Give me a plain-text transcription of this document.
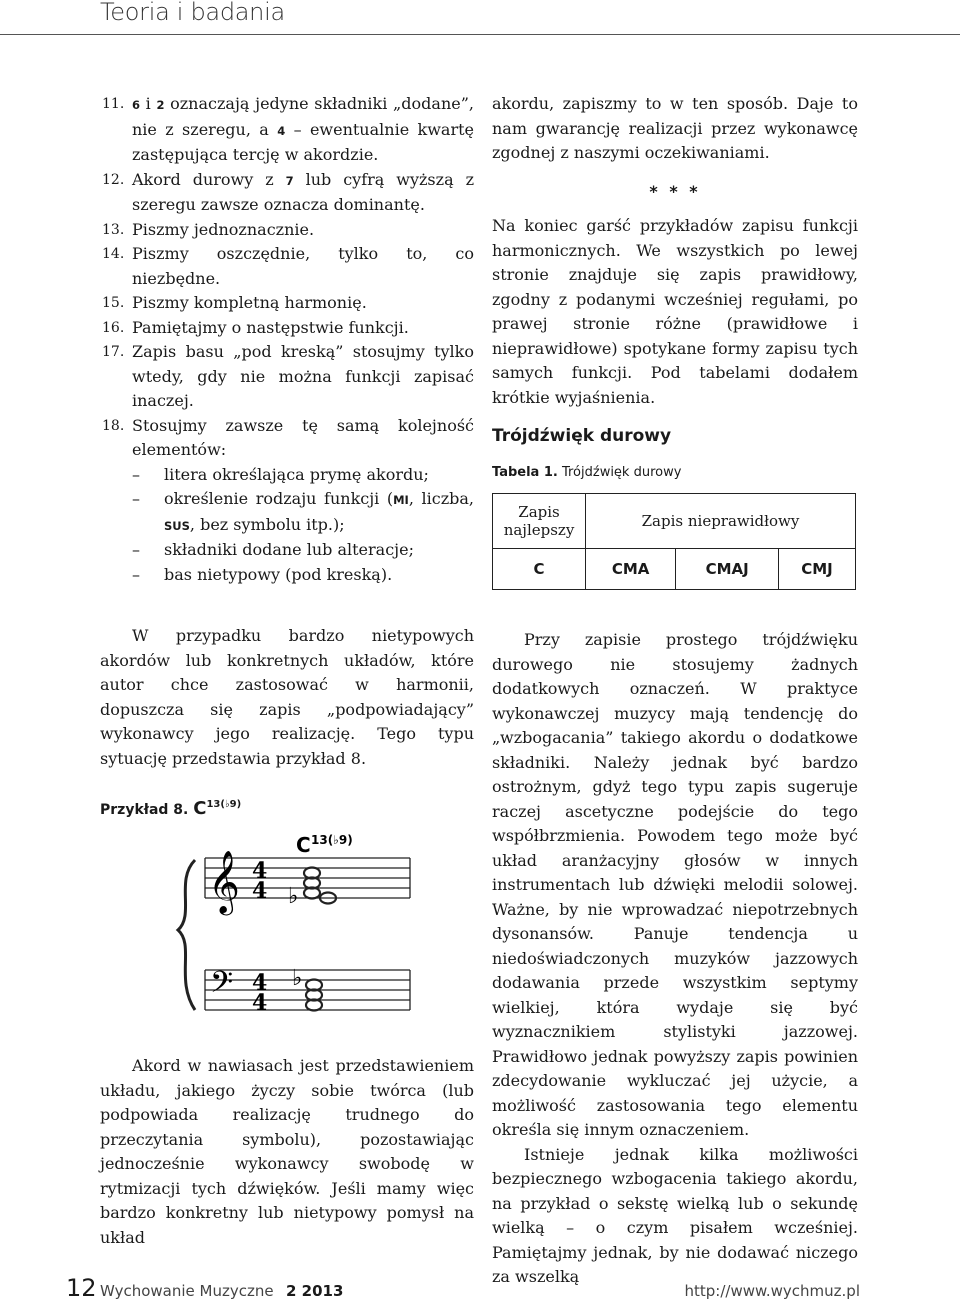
Teoria i badania
11. 6 i 2 oznaczają jedyne składniki „dodane”, nie z szeregu, a 4 – ewentualnie kwartę zastępująca tercję w akordzie.
12. Akord durowy z 7 lub cyfrą wyższą z szeregu zawsze oznacza dominantę.
13. Piszmy jednoznacznie.
14. Piszmy oszczędnie, tylko to, co niezbędne.
15. Piszmy kompletną harmonię.
16. Pamiętajmy o następstwie funkcji.
17. Zapis basu „pod kreską” stosujmy tylko wtedy, gdy nie można funkcji zapisać inaczej.
18. Stosujmy zawsze tę samą kolejność elementów:
– litera określająca prymę akordu;
– określenie rodzaju funkcji (MI, liczba, SUS, bez symbolu itp.);
– składniki dodane lub alteracje;
– bas nietypowy (pod kreską).

W przypadku bardzo nietypowych akordów lub konkretnych układów, które autor chce zastosować w harmonii, dopuszcza się zapis „podpowiadający” wykonawcy jego realizację. Tego typu sytuację przedstawia przykład 8.

Przykład 8. $C^{13(♭9)}$
C 13(♭9)
𝄞
𝄢
4
4
4
4
♭
♭

Akord w nawiasach jest przedstawieniem układu, jakiego życzy sobie twórca (lub podpowiada realizację trudnego do przeczytania symbolu), pozostawiając jednocześnie wykonawcy swobodę w rytmizacji tych dźwięków. Jeśli mamy więc bardzo konkretny lub nietypowy pomysł na układ

akordu, zapiszmy to w ten sposób. Daje to nam gwarancję realizacji przez wykonawcę zgodnej z naszymi oczekiwaniami.

* * *

Na koniec garść przykładów zapisu funkcji harmonicznych. We wszystkich po lewej stronie znajduje się zapis prawidłowy, zgodny z podanymi wcześniej regułami, po prawej stronie różne (prawidłowe i nieprawidłowe) spotykane formy zapisu tych samych funkcji. Pod tabelami dodałem krótkie wyjaśnienia.

Trójdźwięk durowy
Tabela 1. Trójdźwięk durowy
Zapis najlepszy	Zapis nieprawidłowy		
C	CMA	CMAJ	CMJ

Przy zapisie prostego trójdźwięku durowego nie stosujemy żadnych dodatkowych oznaczeń. W praktyce wykonawczej muzycy mają tendencję do „wzbogacania” takiego akordu o dodatkowe składniki. Należy jednak być bardzo ostrożnym, gdyż tego typu zapis sugeruje raczej ascetyczne podejście do tego współbrzmienia. Powodem tego może być układ aranżacyjny głosów w innych instrumentach lub dźwięki melodii solowej. Ważne, by nie wprowadzać niepotrzebnych dysonansów. Panuje tendencja u niedoświadczonych muzyków jazzowych dodawania przede wszystkim septymy wielkiej, która wydaje się być wyznacznikiem stylistyki jazzowej. Prawidłowo jednak powyższy zapis powinien zdecydowanie wykluczać jej użycie, a możliwość zastosowania tego elementu określa się innym oznaczeniem.

Istnieje jednak kilka możliwości bezpiecznego wzbogacenia takiego akordu, na przykład o sekstę wielką lub o sekundę wielką – o czym pisałem wcześniej. Pamiętajmy jednak, by nie dodawać niczego za wszelką

12 Wychowanie Muzyczne 2 2013	http://www.wychmuz.pl
